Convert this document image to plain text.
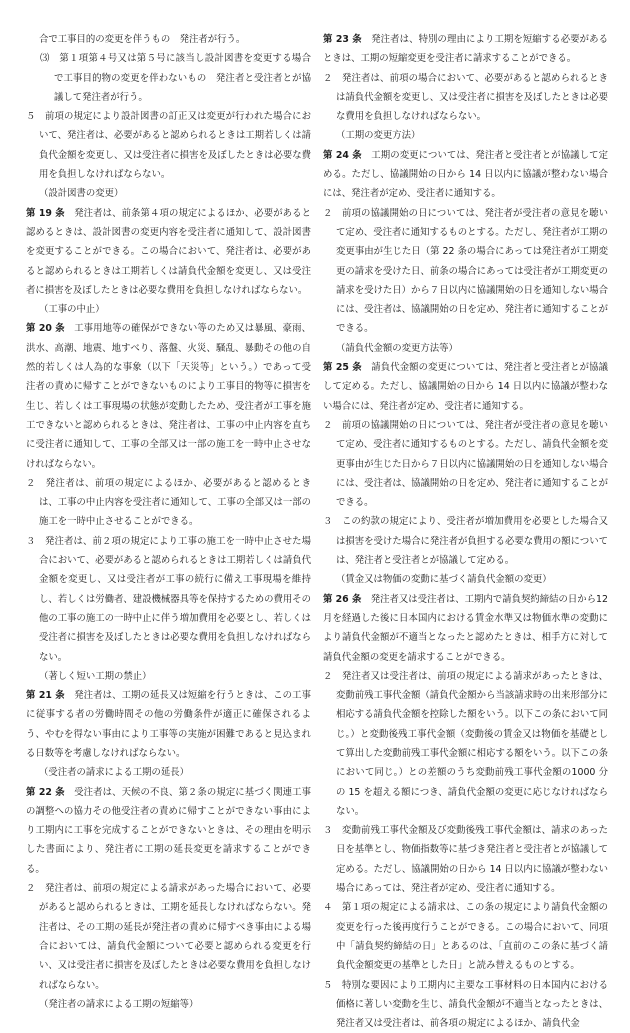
合で工事目的の変更を伴うもの　発注者が行う。

⑶　第１項第４号又は第５号に該当し設計図書を変更する場合で工事目的物の変更を伴わないもの　発注者と受注者とが協議して発注者が行う。

５　前項の規定により設計図書の訂正又は変更が行われた場合において、発注者は、必要があると認められるときは工期若しくは請負代金額を変更し、又は受注者に損害を及ぼしたときは必要な費用を負担しなければならない。

（設計図書の変更）

第 19 条　発注者は、前条第４項の規定によるほか、必要があると認めるときは、設計図書の変更内容を受注者に通知して、設計図書を変更することができる。この場合において、発注者は、必要があると認められるときは工期若しくは請負代金額を変更し、又は受注者に損害を及ぼしたときは必要な費用を負担しなければならない。

（工事の中止）

第 20 条　工事用地等の確保ができない等のため又は暴風、豪雨、洪水、高潮、地震、地すべり、落盤、火災、騒乱、暴動その他の自然的若しくは人為的な事象（以下「天災等」という。）であって受注者の責めに帰すことができないものにより工事目的物等に損害を生じ、若しくは工事現場の状態が変動したため、受注者が工事を施工できないと認められるときは、発注者は、工事の中止内容を直ちに受注者に通知して、工事の全部又は一部の施工を一時中止させなければならない。

２　発注者は、前項の規定によるほか、必要があると認めるときは、工事の中止内容を受注者に通知して、工事の全部又は一部の施工を一時中止させることができる。

３　発注者は、前２項の規定により工事の施工を一時中止させた場合において、必要があると認められるときは工期若しくは請負代金額を変更し、又は受注者が工事の続行に備え工事現場を維持し、若しくは労働者、建設機械器具等を保持するための費用その他の工事の施工の一時中止に伴う増加費用を必要とし、若しくは受注者に損害を及ぼしたときは必要な費用を負担しなければならない。

（著しく短い工期の禁止）

第 21 条　発注者は、工期の延長又は短縮を行うときは、この工事に従事する者の労働時間その他の労働条件が適正に確保されるよう、やむを得ない事由により工事等の実施が困難であると見込まれる日数等を考慮しなければならない。

（受注者の請求による工期の延長）

第 22 条　受注者は、天候の不良、第２条の規定に基づく関連工事の調整への協力その他受注者の責めに帰すことができない事由により工期内に工事を完成することができないときは、その理由を明示した書面により、発注者に工期の延長変更を請求することができる。

２　発注者は、前項の規定による請求があった場合において、必要があると認められるときは、工期を延長しなければならない。発注者は、その工期の延長が発注者の責めに帰すべき事由による場合においては、請負代金額について必要と認められる変更を行い、又は受注者に損害を及ぼしたときは必要な費用を負担しなければならない。

（発注者の請求による工期の短縮等）

第 23 条　発注者は、特別の理由により工期を短縮する必要があるときは、工期の短縮変更を受注者に請求することができる。

２　発注者は、前項の場合において、必要があると認められるときは請負代金額を変更し、又は受注者に損害を及ぼしたときは必要な費用を負担しなければならない。

（工期の変更方法）

第 24 条　工期の変更については、発注者と受注者とが協議して定める。ただし、協議開始の日から 14 日以内に協議が整わない場合には、発注者が定め、受注者に通知する。

２　前項の協議開始の日については、発注者が受注者の意見を聴いて定め、受注者に通知するものとする。ただし、発注者が工期の変更事由が生じた日（第 22 条の場合にあっては発注者が工期変更の請求を受けた日、前条の場合にあっては受注者が工期変更の請求を受けた日）から７日以内に協議開始の日を通知しない場合には、受注者は、協議開始の日を定め、発注者に通知することができる。

（請負代金額の変更方法等）

第 25 条　請負代金額の変更については、発注者と受注者とが協議して定める。ただし、協議開始の日から 14 日以内に協議が整わない場合には、発注者が定め、受注者に通知する。

２　前項の協議開始の日については、発注者が受注者の意見を聴いて定め、受注者に通知するものとする。ただし、請負代金額を変更事由が生じた日から７日以内に協議開始の日を通知しない場合には、受注者は、協議開始の日を定め、発注者に通知することができる。

３　この約款の規定により、受注者が増加費用を必要とした場合又は損害を受けた場合に発注者が負担する必要な費用の額については、発注者と受注者とが協議して定める。

（賃金又は物価の変動に基づく請負代金額の変更）

第 26 条　発注者又は受注者は、工期内で請負契約締結の日から12月を経過した後に日本国内における賃金水準又は物価水準の変動により請負代金額が不適当となったと認めたときは、相手方に対して請負代金額の変更を請求することができる。

２　発注者又は受注者は、前項の規定による請求があったときは、変動前残工事代金額（請負代金額から当該請求時の出来形部分に相応する請負代金額を控除した額をいう。以下この条において同じ。）と変動後残工事代金額（変動後の賃金又は物価を基礎として算出した変動前残工事代金額に相応する額をいう。以下この条において同じ。）との差額のうち変動前残工事代金額の1000 分の 15 を超える額につき、請負代金額の変更に応じなければならない。

３　変動前残工事代金額及び変動後残工事代金額は、請求のあった日を基準とし、物価指数等に基づき発注者と受注者とが協議して定める。ただし、協議開始の日から 14 日以内に協議が整わない場合にあっては、発注者が定め、受注者に通知する。

４　第１項の規定による請求は、この条の規定により請負代金額の変更を行った後再度行うことができる。この場合において、同項中「請負契約締結の日」とあるのは、「直前のこの条に基づく請負代金額変更の基準とした日」と読み替えるものとする。

５　特別な要因により工期内に主要な工事材料の日本国内における価格に著しい変動を生じ、請負代金額が不適当となったときは、発注者又は受注者は、前各項の規定によるほか、請負代金
